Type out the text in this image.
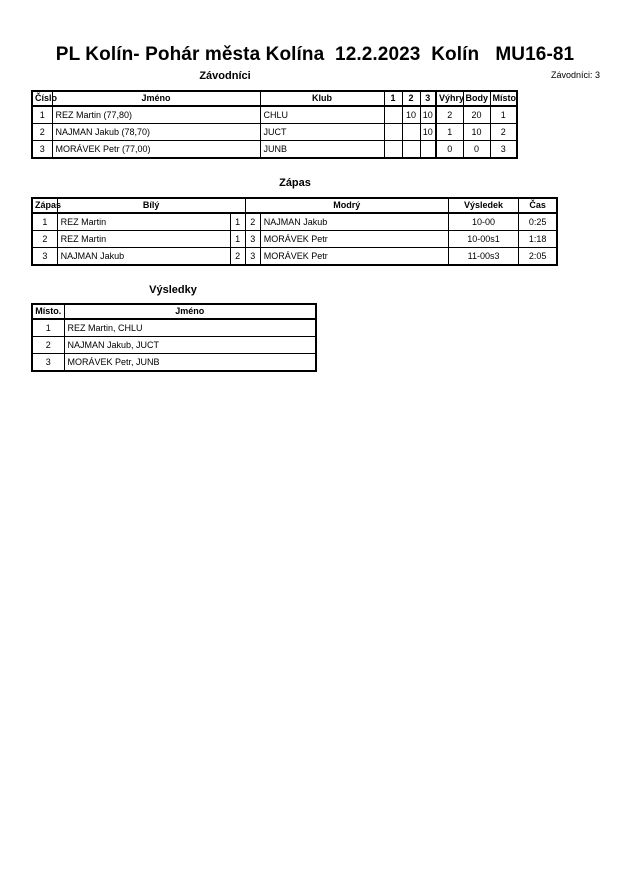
PL Kolín- Pohár města Kolína  12.2.2023  Kolín   MU16-81
Závodníci	Závodníci: 3
Číslo	Jméno	Klub	1	2	3	Výhry	Body	Místo.
1	REZ Martin (77,80)	CHLU		10	10	2	20	1
2	NAJMAN Jakub (78,70)	JUCT			10	1	10	2
3	MORÁVEK Petr (77,00)	JUNB				0	0	3
Zápas
Zápas	Bílý		Modrý		Výsledek	Čas
1	REZ Martin	1	2	NAJMAN Jakub	10-00	0:25
2	REZ Martin	1	3	MORÁVEK Petr	10-00s1	1:18
3	NAJMAN Jakub	2	3	MORÁVEK Petr	11-00s3	2:05
Výsledky
Místo.	Jméno
1	REZ Martin, CHLU
2	NAJMAN Jakub, JUCT
3	MORÁVEK Petr, JUNB
